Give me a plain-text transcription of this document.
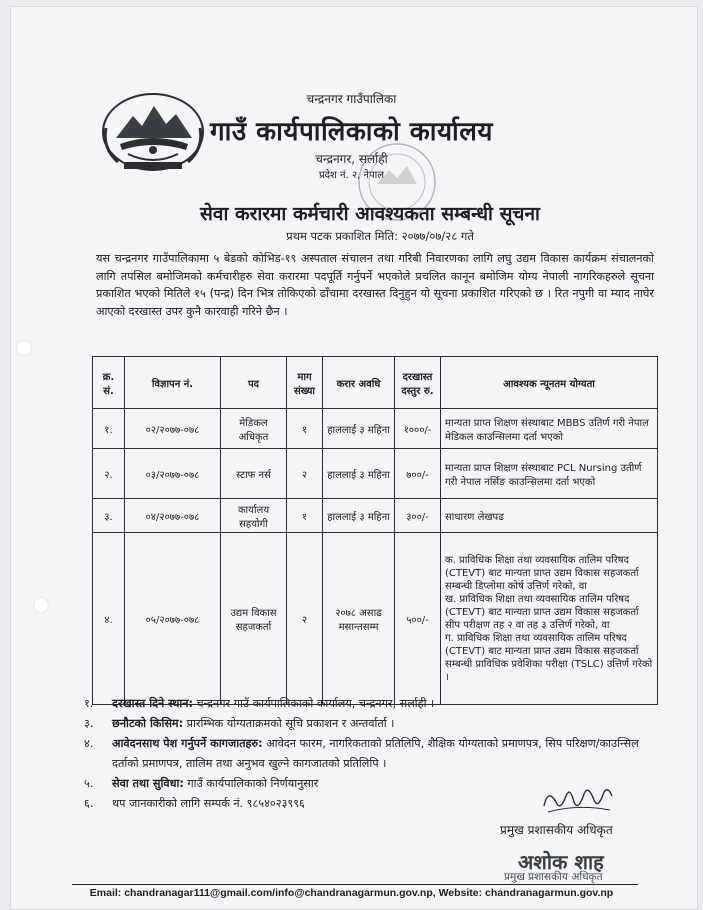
चन्द्रनगर गाउँपालिका
गाउँ कार्यपालिकाको कार्यालय
चन्द्रनगर, सर्लाही
प्रदेश नं. २, नेपाल
सेवा करारमा कर्मचारी आवश्यकता सम्बन्धी सूचना
प्रथम पटक प्रकाशित मिति: २०७७/०७/२८ गते
यस चन्द्रनगर गाउँपालिकामा ५ बेडको कोभिड-१९ अस्पताल संचालन तथा गरिबी निवारणका लागि लघु उद्यम विकास कार्यक्रम संचालनको लागि तपसिल बमोजिमको कर्मचारीहरु सेवा करारमा पदपूर्ति गर्नुपर्ने भएकोले प्रचलित कानून बमोजिम योग्य नेपाली नागरिकहरुले सूचना प्रकाशित भएको मितिले १५ (पन्द्र) दिन भित्र तोकिएको ढाँचामा दरखास्त दिनुहुन यो सूचना प्रकाशित गरिएको छ । रित नपुगी वा म्याद नाघेर आएको दरखास्त उपर कुनै कारवाही गरिने छैन ।
क्र. सं.	विज्ञापन नं.	पद	माग संख्या	करार अवधि	दरखास्त दस्तुर रु.	आवश्यक न्यूनतम योग्यता
१.	०२/२०७७-०७८	मेडिकल अधिकृत	१	हाललाई ३ महिना	१०००/-	मान्यता प्राप्त शिक्षण संस्थाबाट MBBS उतिर्ण गरी नेपाल मेडिकल काउन्सिलमा दर्ता भएको
२.	०३/२०७७-०७८	स्टाफ नर्स	२	हाललाई ३ महिना	७००/-	मान्यता प्राप्त शिक्षण संस्थाबाट PCL Nursing उतीर्ण गरी नेपाल नर्सिङ काउन्सिलमा दर्ता भएको
३.	०४/२०७७-०७८	कार्यालय सहयोगी	१	हाललाई ३ महिना	३००/-	साधारण लेखपढ
४.	०५/२०७७-०७८	उद्यम विकास सहजकर्ता	२	२०७८ असाढ मसान्तसम्म	५००/-	क. प्राविधिक शिक्षा तथा व्यवसायिक तालिम परिषद (CTEVT) बाट मान्यता प्राप्त उद्यम विकास सहजकर्ता सम्बन्धी डिप्लोमा कोर्ष उत्तिर्ण गरेको, वा
ख. प्राविधिक शिक्षा तथा व्यवसायिक तालिम परिषद (CTEVT) बाट मान्यता प्राप्त उद्यम विकास सहजकर्ता सीप परीक्षण तह २ वा तह ३ उत्तिर्ण गरेको, वा
ग. प्राविधिक शिक्षा तथा व्यवसायिक तालिम परिषद (CTEVT) बाट मान्यता प्राप्त उद्यम विकास सहजकर्ता सम्बन्धी प्राविधिक प्रवेशिका परीक्षा (TSLC) उत्तिर्ण गरेको ।
१. दरखास्त दिने स्थान: चन्द्रनगर गाउँ कार्यपालिकाको कार्यालय, चन्द्रनगर, सर्लाही ।
३. छनौटको किसिम: प्रारम्भिक योग्यताक्रमको सूचि प्रकाशन र अन्तर्वार्ता ।
४. आवेदनसाथ पेश गर्नुपर्ने कागजातहरु: आवेदन फारम, नागरिकताको प्रतिलिपि, शैक्षिक योग्यताको प्रमाणपत्र, सिप परिक्षण/काउन्सिल दर्ताको प्रमाणपत्र, तालिम तथा अनुभव खुल्ने कागजातको प्रतिलिपि ।
५. सेवा तथा सुविधा: गाउँ कार्यपालिकाको निर्णयानुसार
६. थप जानकारीको लागि सम्पर्क नं. ९८५४०२३९९६
प्रमुख प्रशासकीय अधिकृत
अशोक शाह
प्रमुख प्रशासकीय अधिकृत
Email: chandranagar111@gmail.com/info@chandranagarmun.gov.np, Website: chandranagarmun.gov.np
